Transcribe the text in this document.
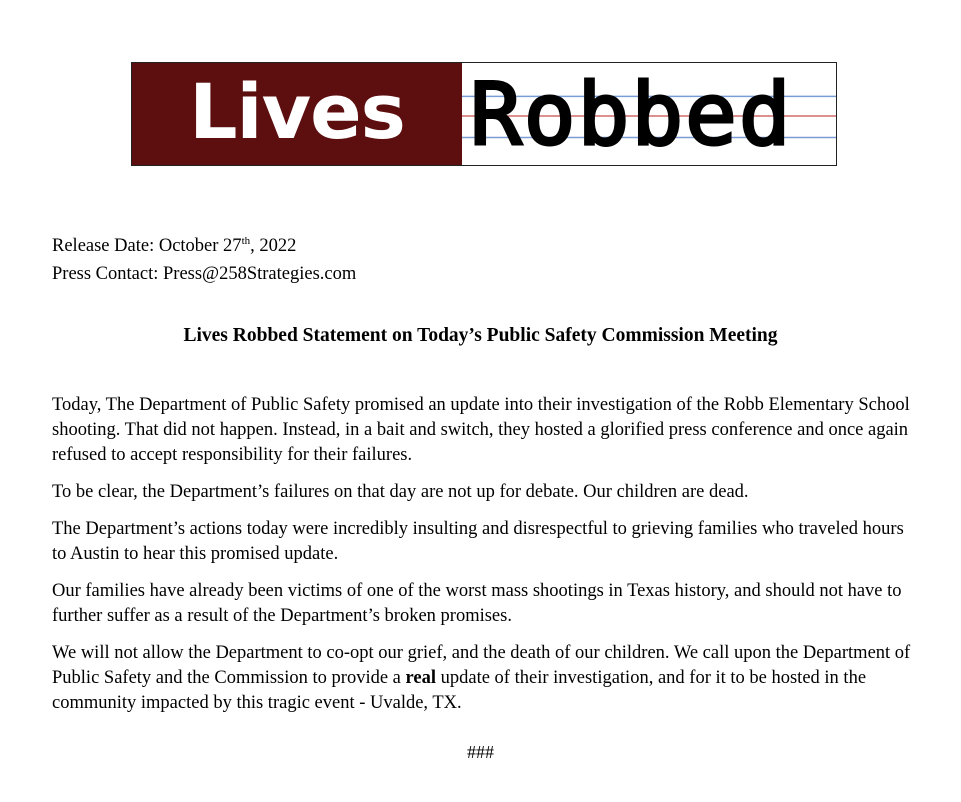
Lives Robbed
Release Date: October 27th, 2022
Press Contact: Press@258Strategies.com
Lives Robbed Statement on Today’s Public Safety Commission Meeting

Today, The Department of Public Safety promised an update into their investigation of the Robb Elementary School shooting. That did not happen. Instead, in a bait and switch, they hosted a glorified press conference and once again refused to accept responsibility for their failures.

To be clear, the Department’s failures on that day are not up for debate. Our children are dead.

The Department’s actions today were incredibly insulting and disrespectful to grieving families who traveled hours to Austin to hear this promised update.

Our families have already been victims of one of the worst mass shootings in Texas history, and should not have to further suffer as a result of the Department’s broken promises.

We will not allow the Department to co-opt our grief, and the death of our children. We call upon the Department of Public Safety and the Commission to provide a real update of their investigation, and for it to be hosted in the community impacted by this tragic event - Uvalde, TX.

###
